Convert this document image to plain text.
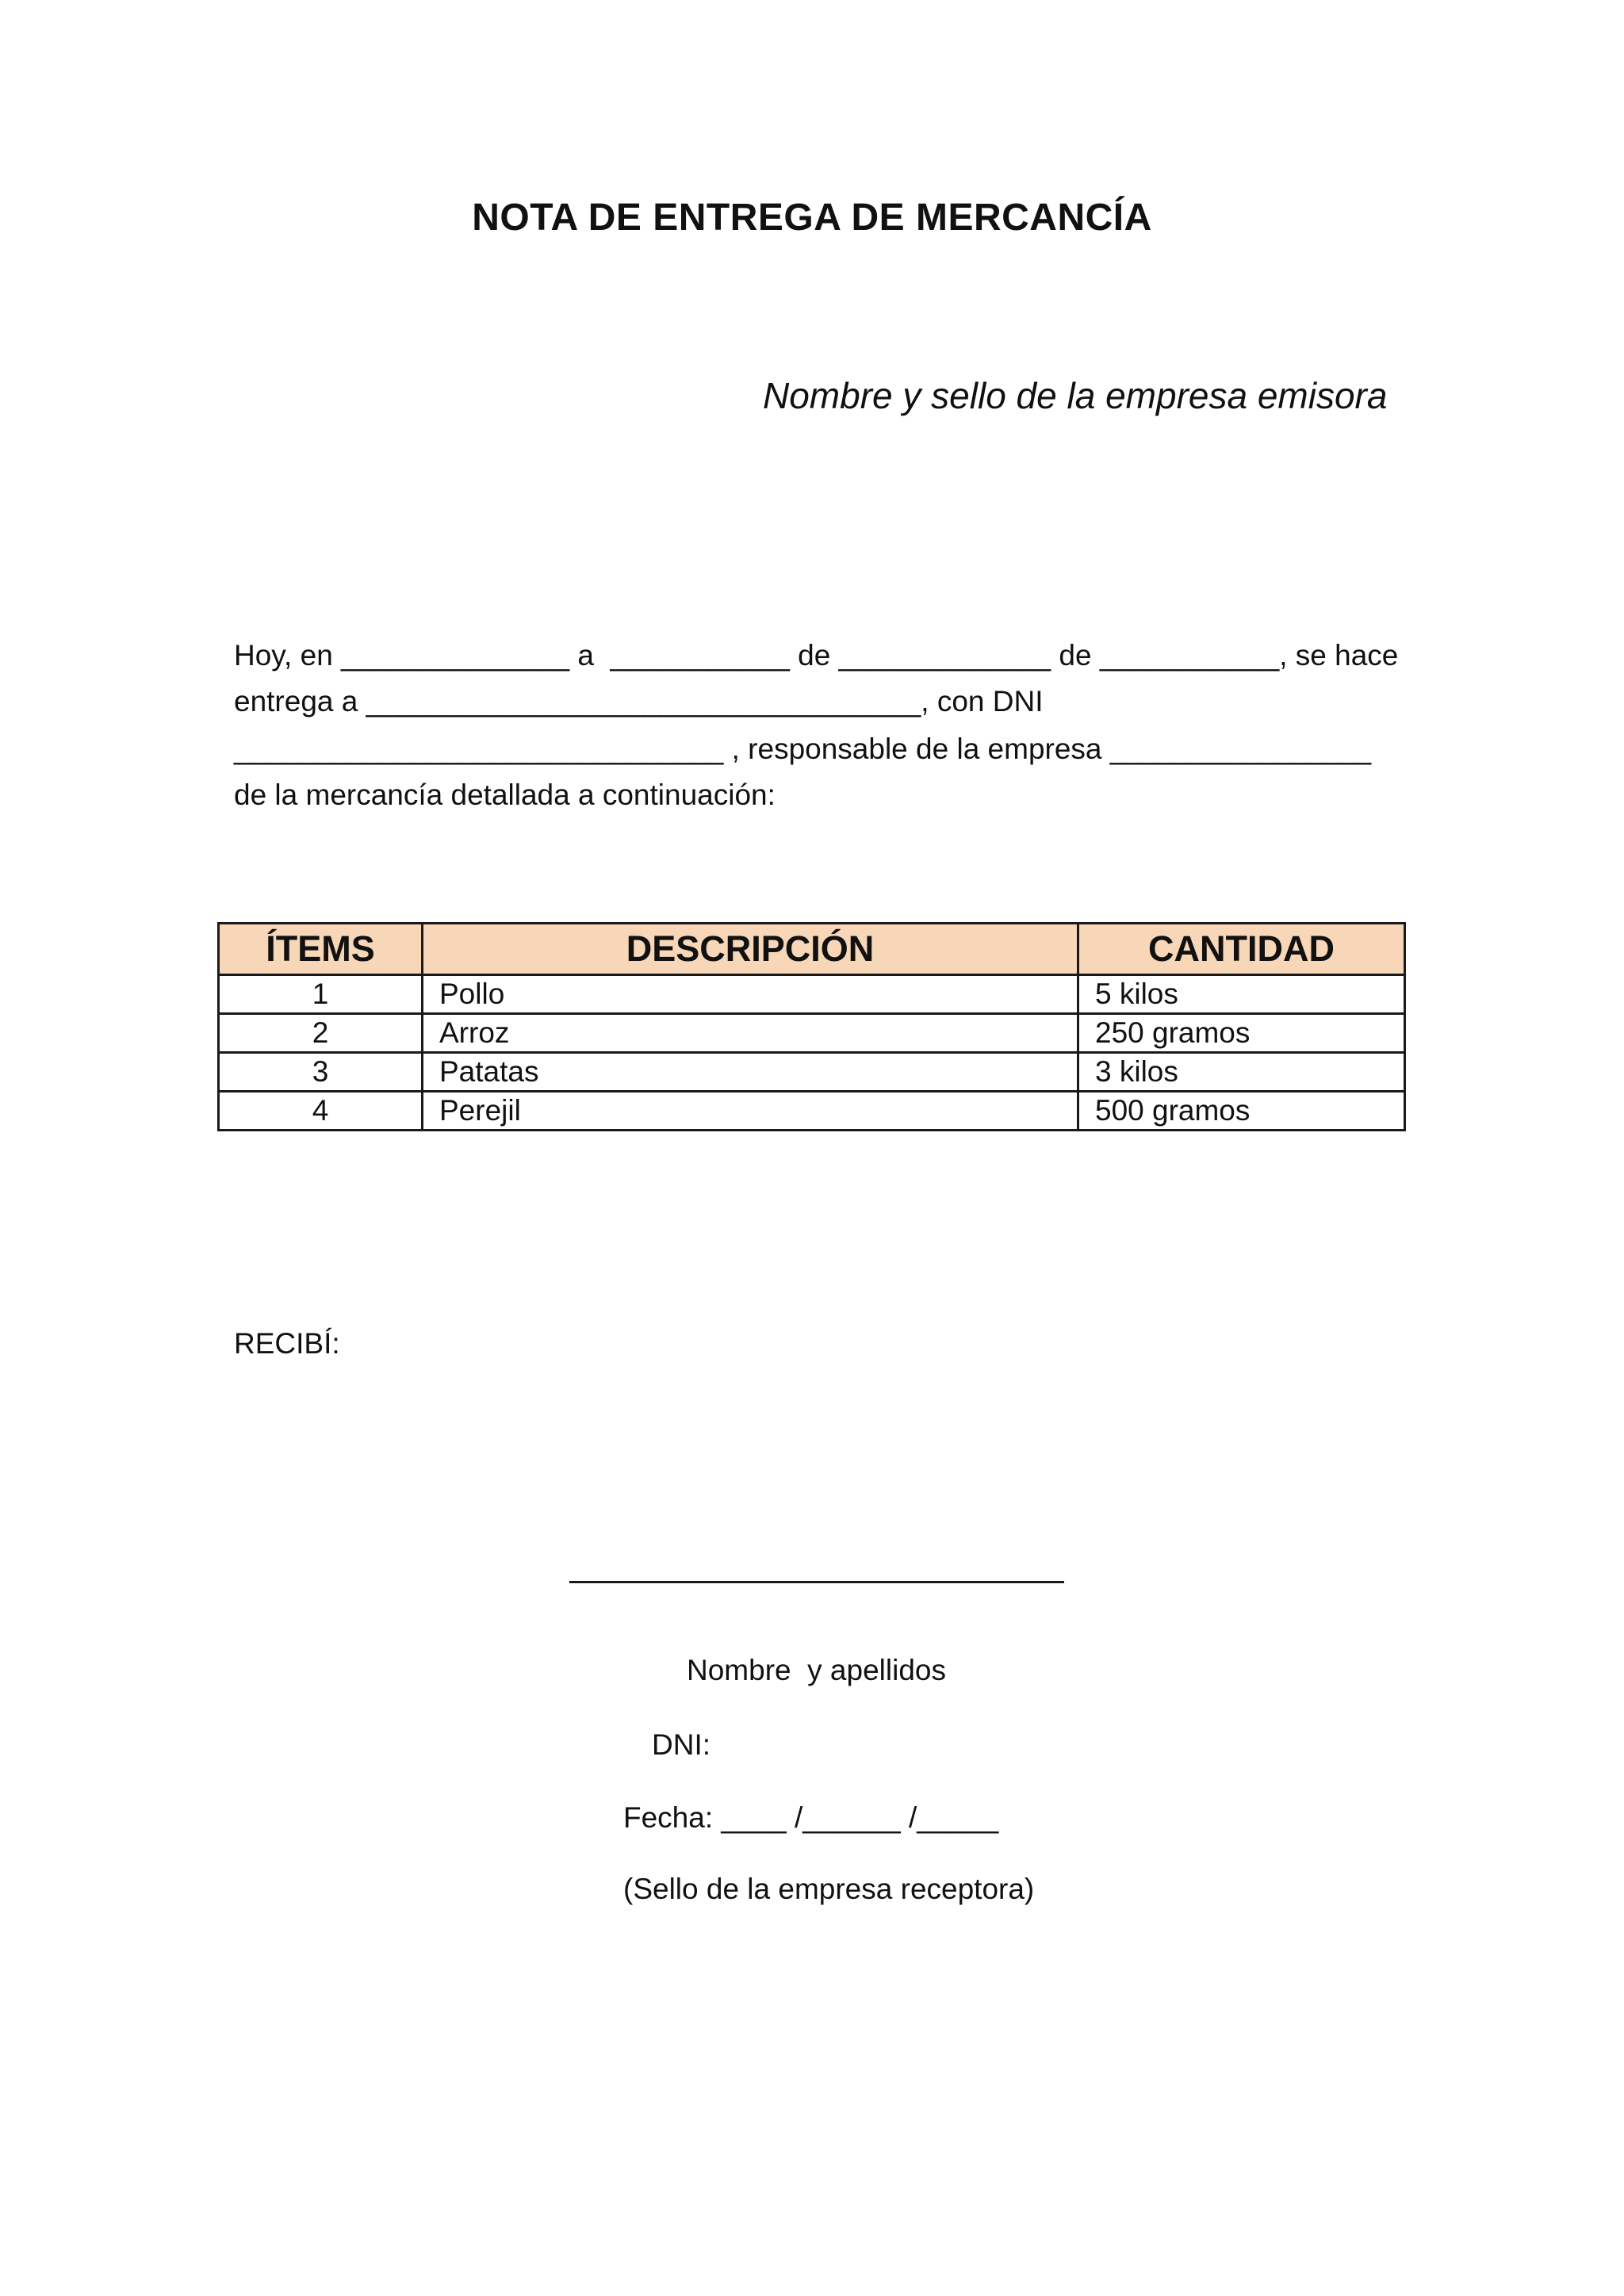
NOTA DE ENTREGA DE MERCANCÍA
Nombre y sello de la empresa emisora
Hoy, en ______________ a  ___________ de _____________ de ___________, se hace
entrega a __________________________________, con DNI
______________________________ , responsable de la empresa ________________
de la mercancía detallada a continuación:
ÍTEMS	DESCRIPCIÓN	CANTIDAD
1	Pollo	5 kilos
2	Arroz	250 gramos
3	Patatas	3 kilos
4	Perejil	500 gramos
RECIBÍ:
Nombre  y apellidos
DNI:
Fecha: ____ /______ /_____
(Sello de la empresa receptora)
